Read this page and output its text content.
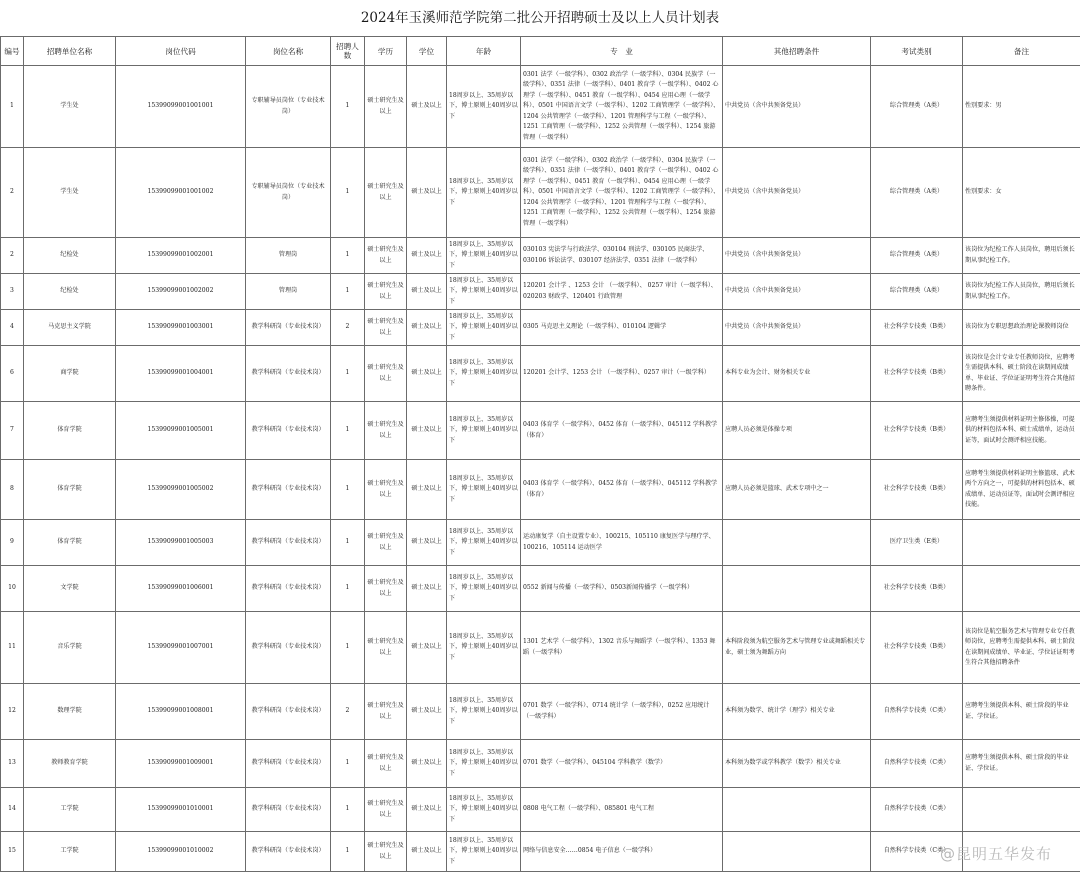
2024年玉溪师范学院第二批公开招聘硕士及以上人员计划表
编号	招聘单位名称	岗位代码	岗位名称	招聘人数	学历	学位	年龄	专　业	其他招聘条件	考试类别	备注
1	学生处	15399099001001001	专职辅导员岗位（专业技术岗）	1	硕士研究生及以上	硕士及以上	18周岁以上、35周岁以下，博士原则上40周岁以下	0301 法学（一级学科）、0302 政治学（一级学科）、0304 民族学（一级学科）、0351 法律（一级学科）、0401 教育学（一级学科）、0402 心理学（一级学科）、0451 教育（一级学科）、0454 应用心理（一级学科）、0501 中国语言文学（一级学科）、1202 工商管理学（一级学科）、1204 公共管理学（一级学科）、1201 管理科学与工程（一级学科）、1251 工商管理（一级学科）、1252 公共管理（一级学科）、1254 旅游管理（一级学科）	中共党员（含中共预备党员）	综合管理类（A类）	性别要求：男
2	学生处	15399099001001002	专职辅导员岗位（专业技术岗）	1	硕士研究生及以上	硕士及以上	18周岁以上、35周岁以下，博士原则上40周岁以下	0301 法学（一级学科）、0302 政治学（一级学科）、0304 民族学（一级学科）、0351 法律（一级学科）、0401 教育学（一级学科）、0402 心理学（一级学科）、0451 教育（一级学科）、0454 应用心理（一级学科）、0501 中国语言文学（一级学科）、1202 工商管理学（一级学科）、1204 公共管理学（一级学科）、1201 管理科学与工程（一级学科）、1251 工商管理（一级学科）、1252 公共管理（一级学科）、1254 旅游管理（一级学科）	中共党员（含中共预备党员）	综合管理类（A类）	性别要求：女
2	纪检处	15399099001002001	管理岗	1	硕士研究生及以上	硕士及以上	18周岁以上、35周岁以下，博士原则上40周岁以下	030103 宪法学与行政法学、030104 刑法学、030105 民商法学、030106 诉讼法学、030107 经济法学、0351 法律（一级学科）	中共党员（含中共预备党员）	综合管理类（A类）	该岗位为纪检工作人员岗位，聘用后须长期从事纪检工作。
3	纪检处	15399099001002002	管理岗	1	硕士研究生及以上	硕士及以上	18周岁以上、35周岁以下，博士原则上40周岁以下	120201 会计学 、1253 会计 （一级学科）、 0257 审计（一级学科）、020203 财政学、120401 行政管理	中共党员（含中共预备党员）	综合管理类（A类）	该岗位为纪检工作人员岗位，聘用后须长期从事纪检工作。
4	马克思主义学院	15399099001003001	教学科研岗（专业技术岗）	2	硕士研究生及以上	硕士及以上	18周岁以上、35周岁以下，博士原则上40周岁以下	0305 马克思主义理论（一级学科）、010104 逻辑学	中共党员（含中共预备党员）	社会科学专技类（B类）	该岗位为专职思想政治理论课教师岗位
6	商学院	15399099001004001	教学科研岗（专业技术岗）	1	硕士研究生及以上	硕士及以上	18周岁以上、35周岁以下，博士原则上40周岁以下	120201 会计学、1253 会计 （一级学科）、0257 审计（一级学科）	本科专业为会计、财务相关专业	社会科学专技类（B类）	该岗位是会计专业专任教师岗位，应聘考生需提供本科、硕士阶段在读期间成绩单、毕业证、学位证证明考生符合其他招聘条件。
7	体育学院	15399099001005001	教学科研岗（专业技术岗）	1	硕士研究生及以上	硕士及以上	18周岁以上、35周岁以下，博士原则上40周岁以下	0403 体育学（一级学科）、0452 体育（一级学科）、045112 学科教学（体育）	应聘人员必须是体操专项	社会科学专技类（B类）	应聘考生须提供材料证明主修体操，可提供的材料包括本科、硕士成绩单，运动员证等，面试时会测评相应技能。
8	体育学院	15399099001005002	教学科研岗（专业技术岗）	1	硕士研究生及以上	硕士及以上	18周岁以上、35周岁以下，博士原则上40周岁以下	0403 体育学（一级学科）、0452 体育（一级学科）、045112 学科教学（体育）	应聘人员必须是篮球、武术专项中之一	社会科学专技类（B类）	应聘考生须提供材料证明主修篮球、武术两个方向之一，可提供的材料包括本、硕成绩单、运动员证等，面试时会测评相应技能。
9	体育学院	15399099001005003	教学科研岗（专业技术岗）	1	硕士研究生及以上	硕士及以上	18周岁以上、35周岁以下，博士原则上40周岁以下	运动康复学（自主设置专业）、100215、105110 康复医学与理疗学、100216、105114 运动医学		医疗卫生类（E类）	
10	文学院	15399099001006001	教学科研岗（专业技术岗）	1	硕士研究生及以上	硕士及以上	18周岁以上、35周岁以下，博士原则上40周岁以下	0552 新闻与传播（一级学科）、0503新闻传播学（一级学科）		社会科学专技类（B类）	
11	音乐学院	15399099001007001	教学科研岗（专业技术岗）	1	硕士研究生及以上	硕士及以上	18周岁以上、35周岁以下，博士原则上40周岁以下	1301 艺术学（一级学科）、1302 音乐与舞蹈学（一级学科）、1353 舞蹈（一级学科）	本科阶段须为航空服务艺术与管理专业或舞蹈相关专业，硕士须为舞蹈方向	社会科学专技类（B类）	该岗位是航空服务艺术与管理专业专任教师岗位，应聘考生需提供本科、硕士阶段在读期间成绩单、毕业证、学位证证明考生符合其他招聘条件
12	数理学院	15399099001008001	教学科研岗（专业技术岗）	2	硕士研究生及以上	硕士及以上	18周岁以上、35周岁以下，博士原则上40周岁以下	0701 数学（一级学科）、0714 统计学（一级学科），0252 应用统计（一级学科）	本科须为数学、统计学（理学）相关专业	自然科学专技类（C类）	应聘考生须提供本科、硕士阶段的毕业证、学位证。
13	教师教育学院	15399099001009001	教学科研岗（专业技术岗）	1	硕士研究生及以上	硕士及以上	18周岁以上、35周岁以下，博士原则上40周岁以下	0701 数学（一级学科）、045104 学科教学（数学）	本科须为数学或学科教学（数学）相关专业	自然科学专技类（C类）	应聘考生须提供本科、硕士阶段的毕业证、学位证。
14	工学院	15399099001010001	教学科研岗（专业技术岗）	1	硕士研究生及以上	硕士及以上	18周岁以上、35周岁以下，博士原则上40周岁以下	0808 电气工程（一级学科）、085801 电气工程		自然科学专技类（C类）	
15	工学院	15399099001010002	教学科研岗（专业技术岗）	1	硕士研究生及以上	硕士及以上	18周岁以上、35周岁以下，博士原则上40周岁以下	网络与信息安全……0854 电子信息（一级学科）		自然科学专技类（C类）	
@昆明五华发布
